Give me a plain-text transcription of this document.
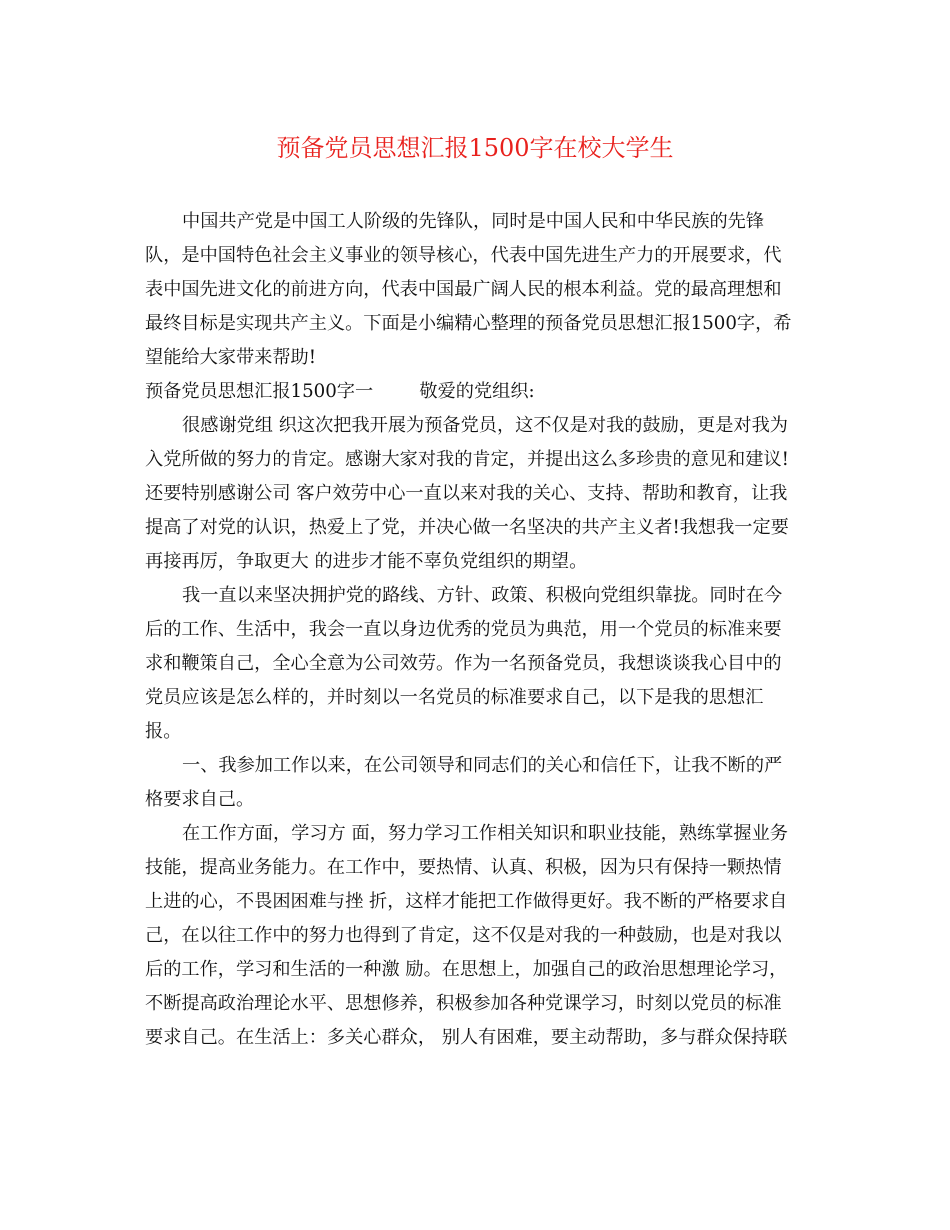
预备党员思想汇报1500字在校大学生
中国共产党是中国工人阶级的先锋队，同时是中国人民和中华民族的先锋
队，是中国特色社会主义事业的领导核心，代表中国先进生产力的开展要求，代
表中国先进文化的前进方向，代表中国最广阔人民的根本利益。党的最高理想和
最终目标是实现共产主义。下面是小编精心整理的预备党员思想汇报1500字，希
望能给大家带来帮助!
预备党员思想汇报1500字一        敬爱的党组织:
很感谢党组 织这次把我开展为预备党员，这不仅是对我的鼓励，更是对我为
入党所做的努力的肯定。感谢大家对我的肯定，并提出这么多珍贵的意见和建议!
还要特别感谢公司 客户效劳中心一直以来对我的关心、支持、帮助和教育，让我
提高了对党的认识，热爱上了党，并决心做一名坚决的共产主义者!我想我一定要
再接再厉，争取更大 的进步才能不辜负党组织的期望。
我一直以来坚决拥护党的路线、方针、政策、积极向党组织靠拢。同时在今
后的工作、生活中，我会一直以身边优秀的党员为典范，用一个党员的标准来要
求和鞭策自己，全心全意为公司效劳。作为一名预备党员，我想谈谈我心目中的
党员应该是怎么样的，并时刻以一名党员的标准要求自己，以下是我的思想汇
报。
一、我参加工作以来，在公司领导和同志们的关心和信任下，让我不断的严
格要求自己。
在工作方面，学习方 面，努力学习工作相关知识和职业技能，熟练掌握业务
技能，提高业务能力。在工作中，要热情、认真、积极，因为只有保持一颗热情
上进的心，不畏困困难与挫 折，这样才能把工作做得更好。我不断的严格要求自
己，在以往工作中的努力也得到了肯定，这不仅是对我的一种鼓励，也是对我以
后的工作，学习和生活的一种激 励。在思想上，加强自己的政治思想理论学习，
不断提高政治理论水平、思想修养，积极参加各种党课学习，时刻以党员的标准
要求自己。在生活上：多关心群众， 别人有困难，要主动帮助，多与群众保持联
